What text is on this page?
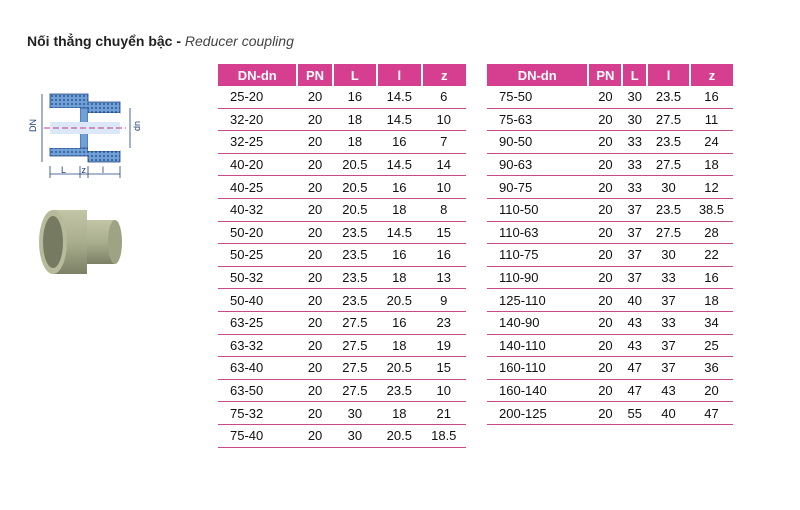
Nối thẳng chuyển bậc - Reducer coupling
DN	dn
L z l
DN-dn	PN	L	l	z
25-20	20	16	14.5	6
32-20	20	18	14.5	10
32-25	20	18	16	7
40-20	20	20.5	14.5	14
40-25	20	20.5	16	10
40-32	20	20.5	18	8
50-20	20	23.5	14.5	15
50-25	20	23.5	16	16
50-32	20	23.5	18	13
50-40	20	23.5	20.5	9
63-25	20	27.5	16	23
63-32	20	27.5	18	19
63-40	20	27.5	20.5	15
63-50	20	27.5	23.5	10
75-32	20	30	18	21
75-40	20	30	20.5	18.5
DN-dn	PN	L	l	z
75-50	20	30	23.5	16
75-63	20	30	27.5	11
90-50	20	33	23.5	24
90-63	20	33	27.5	18
90-75	20	33	30	12
110-50	20	37	23.5	38.5
110-63	20	37	27.5	28
110-75	20	37	30	22
110-90	20	37	33	16
125-110	20	40	37	18
140-90	20	43	33	34
140-110	20	43	37	25
160-110	20	47	37	36
160-140	20	47	43	20
200-125	20	55	40	47
